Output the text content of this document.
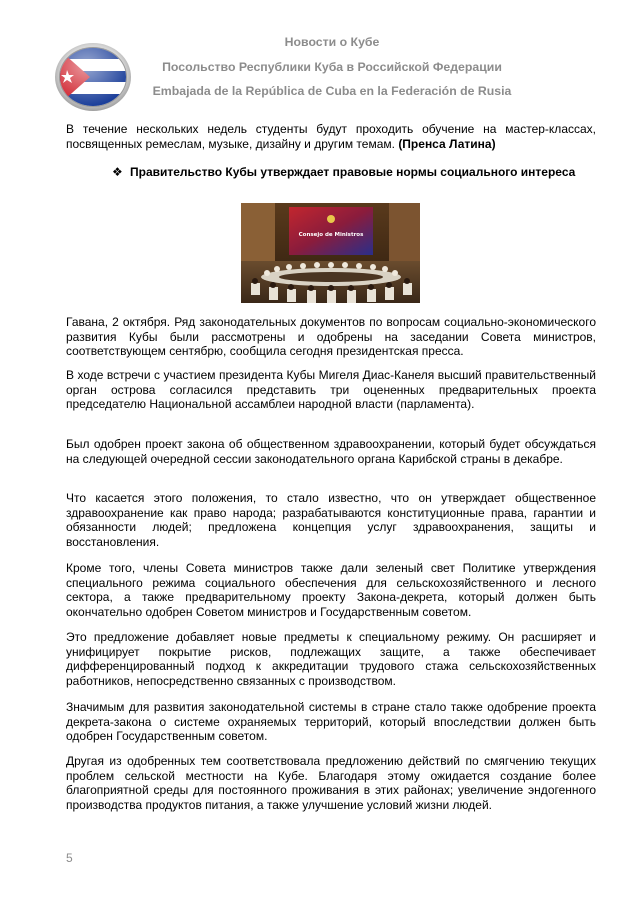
Новости о Кубе
Посольство Республики Куба в Российской Федерации
Embajada de la República de Cuba en la Federación de Rusia
В течение нескольких недель студенты будут проходить обучение на мастер-классах, посвященных ремеслам, музыке, дизайну и другим темам. (Пренса Латина)
❖ Правительство Кубы утверждает правовые нормы социального интереса
Consejo de Ministros
Гавана, 2 октября. Ряд законодательных документов по вопросам социально-экономического развития Кубы были рассмотрены и одобрены на заседании Совета министров, соответствующем сентябрю, сообщила сегодня президентская пресса.
В ходе встречи с участием президента Кубы Мигеля Диас-Канеля высший правительственный орган острова согласился представить три оцененных предварительных проекта председателю Национальной ассамблеи народной власти (парламента).
Был одобрен проект закона об общественном здравоохранении, который будет обсуждаться на следующей очередной сессии законодательного органа Карибской страны в декабре.
Что касается этого положения, то стало известно, что он утверждает общественное здравоохранение как право народа; разрабатываются конституционные права, гарантии и обязанности людей; предложена концепция услуг здравоохранения, защиты и восстановления.
Кроме того, члены Совета министров также дали зеленый свет Политике утверждения специального режима социального обеспечения для сельскохозяйственного и лесного сектора, а также предварительному проекту Закона-декрета, который должен быть окончательно одобрен Советом министров и Государственным советом.
Это предложение добавляет новые предметы к специальному режиму. Он расширяет и унифицирует покрытие рисков, подлежащих защите, а также обеспечивает дифференцированный подход к аккредитации трудового стажа сельскохозяйственных работников, непосредственно связанных с производством.
Значимым для развития законодательной системы в стране стало также одобрение проекта декрета-закона о системе охраняемых территорий, который впоследствии должен быть одобрен Государственным советом.
Другая из одобренных тем соответствовала предложению действий по смягчению текущих проблем сельской местности на Кубе. Благодаря этому ожидается создание более благоприятной среды для постоянного проживания в этих районах; увеличение эндогенного производства продуктов питания, а также улучшение условий жизни людей.
5
